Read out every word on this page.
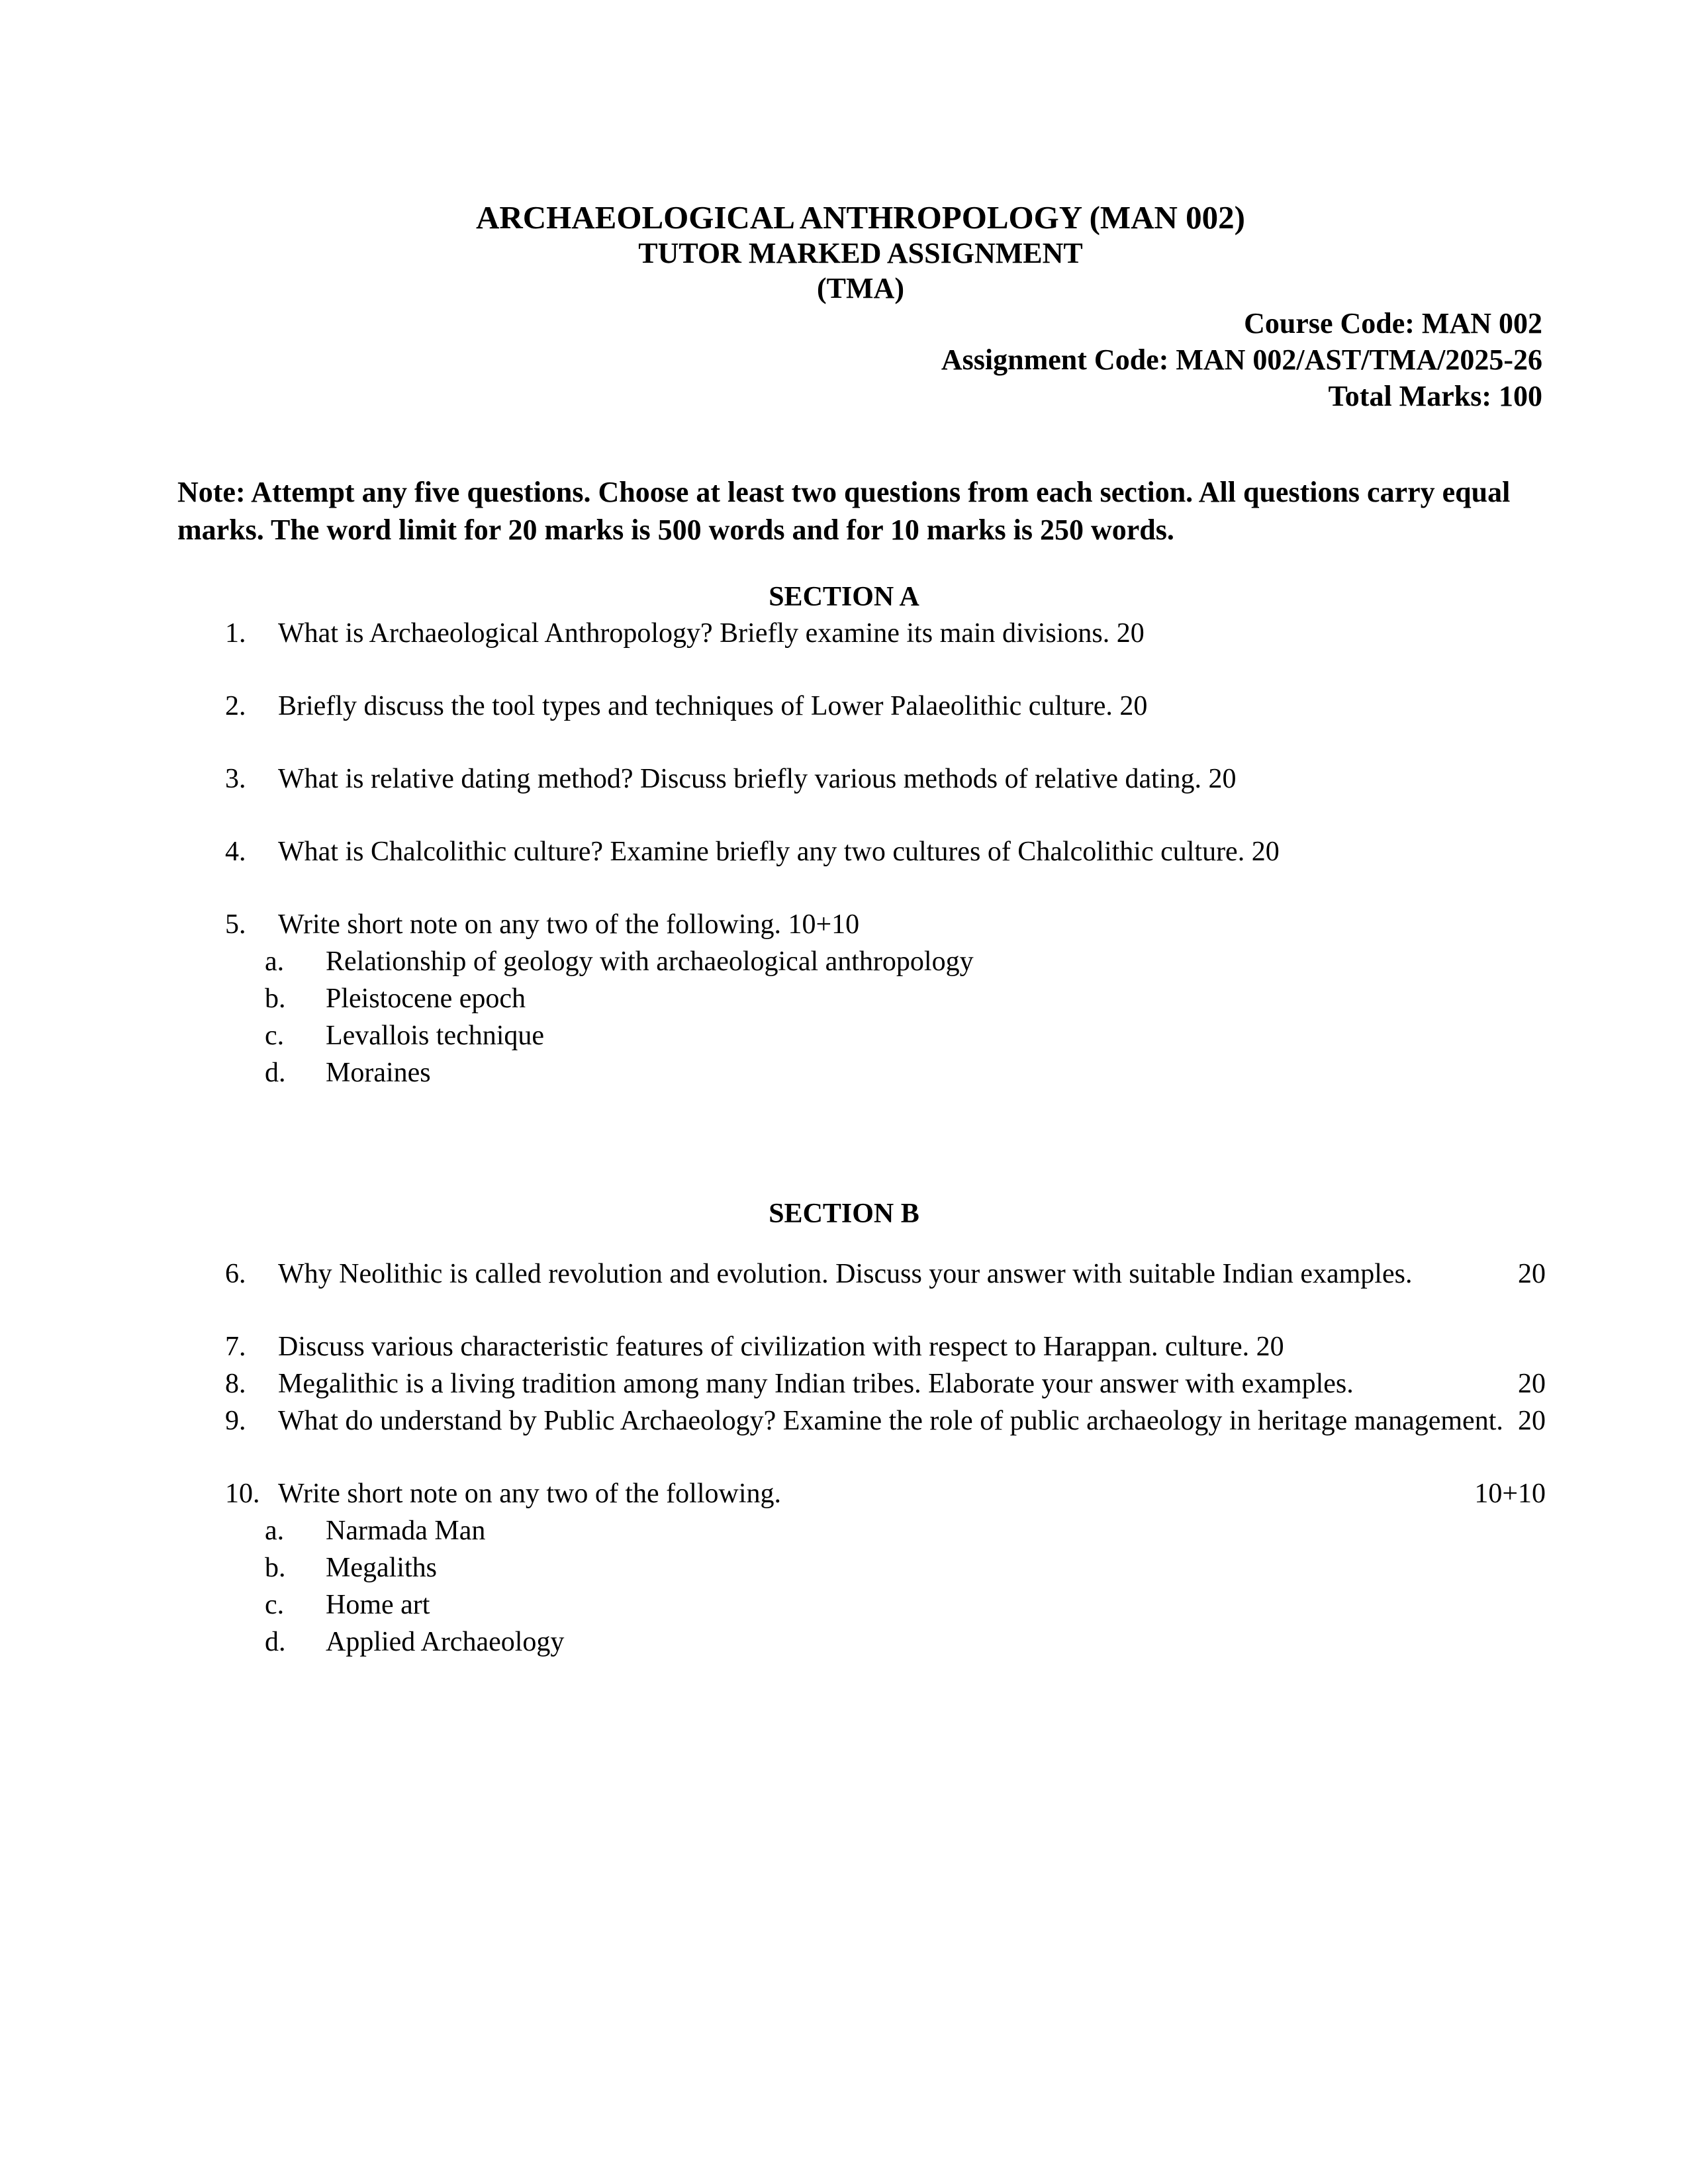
ARCHAEOLOGICAL ANTHROPOLOGY (MAN 002)
TUTOR MARKED ASSIGNMENT
(TMA)
Course Code: MAN 002
Assignment Code: MAN 002/AST/TMA/2025-26
Total Marks: 100
Note: Attempt any five questions. Choose at least two questions from each section. All questions carry equal marks. The word limit for 20 marks is 500 words and for 10 marks is 250 words.
SECTION A
1.	What is Archaeological Anthropology? Briefly examine its main divisions. 20
2.	Briefly discuss the tool types and techniques of Lower Palaeolithic culture. 20
3.	What is relative dating method? Discuss briefly various methods of relative dating. 20
4.	What is Chalcolithic culture? Examine briefly any two cultures of Chalcolithic culture. 20
5.	Write short note on any two of the following. 10+10
a.	Relationship of geology with archaeological anthropology
b.	Pleistocene epoch
c.	Levallois technique
d.	Moraines
SECTION B
6.	20
Why Neolithic is called revolution and evolution. Discuss your answer with suitable Indian examples.
7.	Discuss various characteristic features of civilization with respect to Harappan. culture. 20
8.	20
Megalithic is a living tradition among many Indian tribes. Elaborate your answer with examples.
9.	20
What do understand by Public Archaeology? Examine the role of public archaeology in heritage management.
10.	10+10
Write short note on any two of the following.
a.	Narmada Man
b.	Megaliths
c.	Home art
d.	Applied Archaeology
